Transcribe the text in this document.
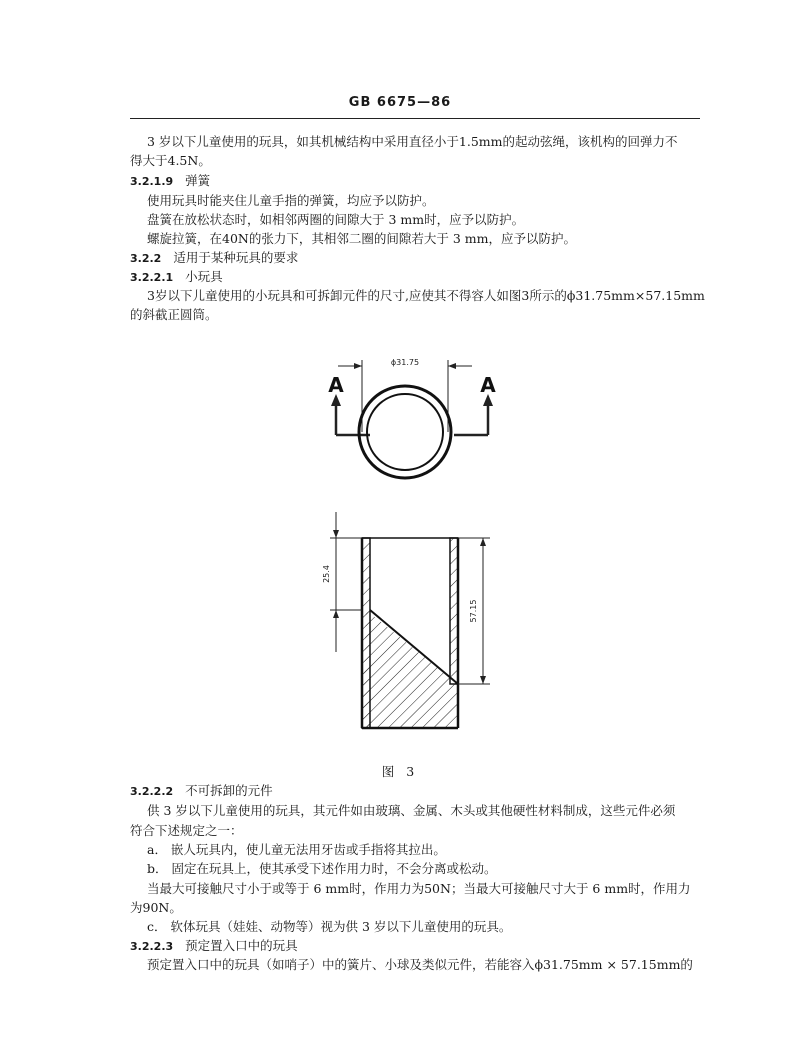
GB 6675—86
3 岁以下儿童使用的玩具，如其机械结构中采用直径小于1.5mm的起动弦绳，该机构的回弹力不
得大于4.5N。
3.2.1.9 弹簧
使用玩具时能夹住儿童手指的弹簧，均应予以防护。
盘簧在放松状态时，如相邻两圈的间隙大于 3 mm时，应予以防护。
螺旋拉簧，在40N的张力下，其相邻二圈的间隙若大于 3 mm，应予以防护。
3.2.2 适用于某种玩具的要求
3.2.2.1 小玩具
3岁以下儿童使用的小玩具和可拆卸元件的尺寸,应使其不得容人如图3所示的ϕ31.75mm×57.15mm
的斜截正圆筒。
ϕ31.75
A	A
25.4
57.15
图 3
3.2.2.2 不可拆卸的元件
供 3 岁以下儿童使用的玩具，其元件如由玻璃、金属、木头或其他硬性材料制成，这些元件必须
符合下述规定之一：
a． 嵌人玩具内，使儿童无法用牙齿或手指将其拉出。
b． 固定在玩具上，使其承受下述作用力时，不会分离或松动。
当最大可接触尺寸小于或等于 6 mm时，作用力为50N；当最大可接触尺寸大于 6 mm时，作用力
为90N。
c． 软体玩具（娃娃、动物等）视为供 3 岁以下儿童使用的玩具。
3.2.2.3 预定置入口中的玩具
预定置入口中的玩具（如哨子）中的簧片、小球及类似元件，若能容入ϕ31.75mm × 57.15mm的
